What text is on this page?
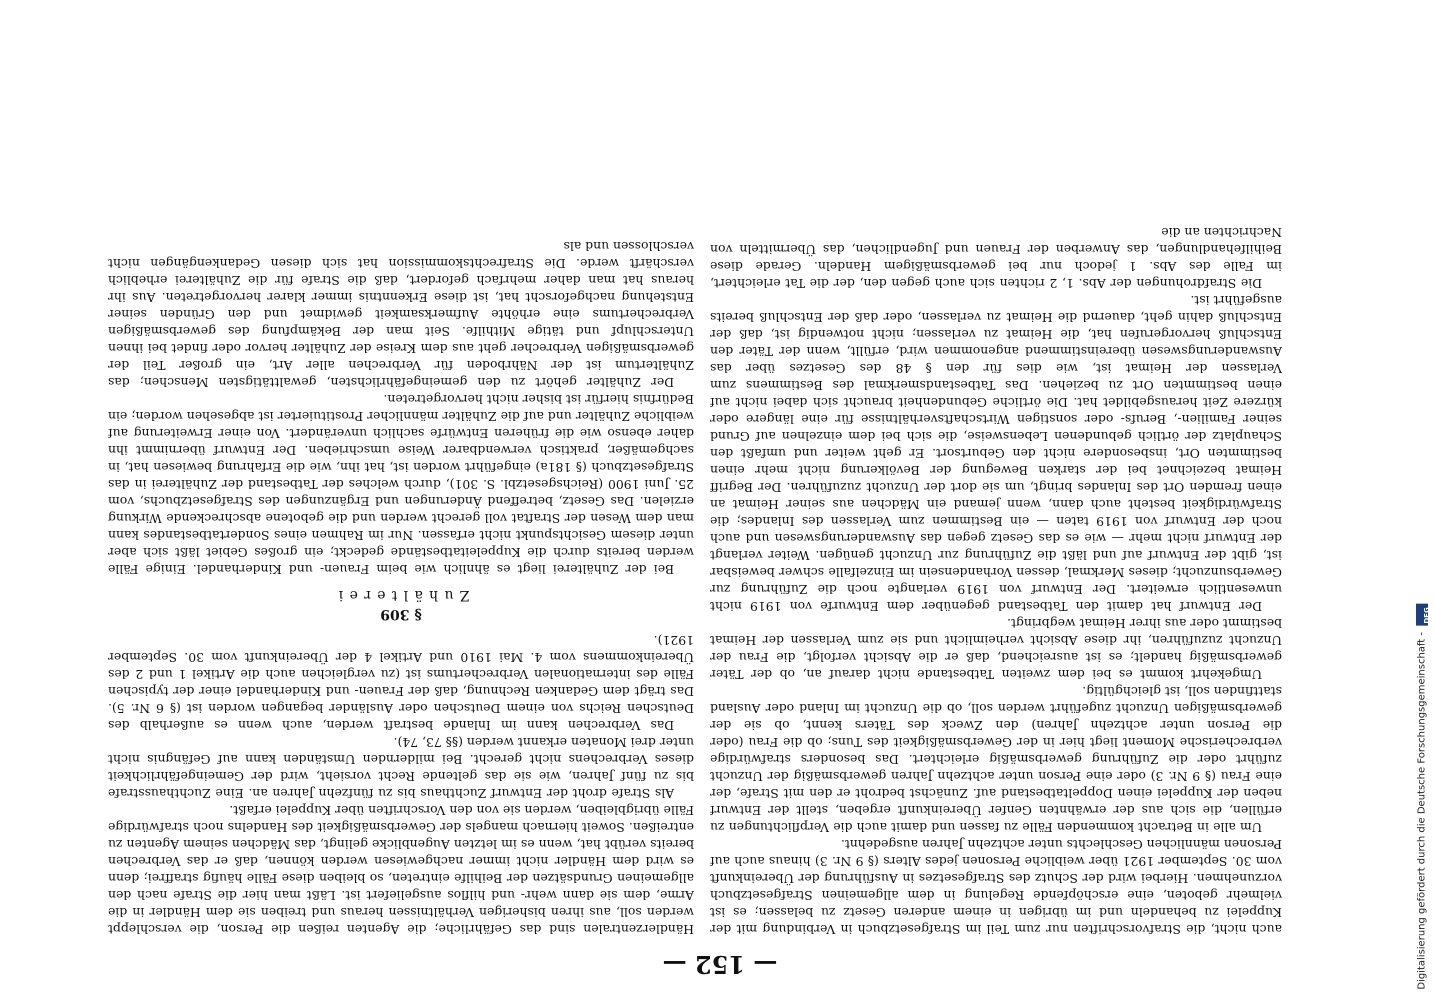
— 152 —

auch nicht, die Strafvorschriften nur zum Teil im Strafgesetzbuch in Verbindung mit der Kuppelei zu behandeln und im übrigen in einem anderen Gesetz zu belassen; es ist vielmehr geboten, eine erschöpfende Regelung in dem allgemeinen Strafgesetzbuch vorzunehmen. Hierbei wird der Schutz des Strafgesetzes in Ausführung der Übereinkunft vom 30. September 1921 über weibliche Personen jedes Alters (§ 9 Nr. 3) hinaus auch auf Personen männlichen Geschlechts unter achtzehn Jahren ausgedehnt.

Um alle in Betracht kommenden Fälle zu fassen und damit auch die Verpflichtungen zu erfüllen, die sich aus der erwähnten Genfer Übereinkunft ergeben, stellt der Entwurf neben der Kuppelei einen Doppeltatbestand auf. Zunächst bedroht er den mit Strafe, der eine Frau (§ 9 Nr. 3) oder eine Person unter achtzehn Jahren gewerbsmäßig der Unzucht zuführt oder die Zuführung gewerbsmäßig erleichtert. Das besonders strafwürdige verbrecherische Moment liegt hier in der Gewerbsmäßigkeit des Tuns; ob die Frau (oder die Person unter achtzehn Jahren) den Zweck des Täters kennt, ob sie der gewerbsmäßigen Unzucht zugeführt werden soll, ob die Unzucht im Inland oder Ausland stattfinden soll, ist gleichgültig.

Umgekehrt kommt es bei dem zweiten Tatbestande nicht darauf an, ob der Täter gewerbsmäßig handelt; es ist ausreichend, daß er die Absicht verfolgt, die Frau der Unzucht zuzuführen, ihr diese Absicht verheimlicht und sie zum Verlassen der Heimat bestimmt oder aus ihrer Heimat wegbringt.

Der Entwurf hat damit den Tatbestand gegenüber dem Entwurfe von 1919 nicht unwesentlich erweitert. Der Entwurf von 1919 verlangte noch die Zuführung zur Gewerbsunzucht; dieses Merkmal, dessen Vorhandensein im Einzelfalle schwer beweisbar ist, gibt der Entwurf auf und läßt die Zuführung zur Unzucht genügen. Weiter verlangt der Entwurf nicht mehr — wie es das Gesetz gegen das Auswanderungswesen und auch noch der Entwurf von 1919 taten — ein Bestimmen zum Verlassen des Inlandes; die Strafwürdigkeit besteht auch dann, wenn jemand ein Mädchen aus seiner Heimat an einen fremden Ort des Inlandes bringt, um sie dort der Unzucht zuzuführen. Der Begriff Heimat bezeichnet bei der starken Bewegung der Bevölkerung nicht mehr einen bestimmten Ort, insbesondere nicht den Geburtsort. Er geht weiter und umfaßt den Schauplatz der örtlich gebundenen Lebensweise, die sich bei dem einzelnen auf Grund seiner Familien-, Berufs- oder sonstigen Wirtschaftsverhältnisse für eine längere oder kürzere Zeit herausgebildet hat. Die örtliche Gebundenheit braucht sich dabei nicht auf einen bestimmten Ort zu beziehen. Das Tatbestandsmerkmal des Bestimmens zum Verlassen der Heimat ist, wie dies für den § 48 des Gesetzes über das Auswanderungswesen übereinstimmend angenommen wird, erfüllt, wenn der Täter den Entschluß hervorgerufen hat, die Heimat zu verlassen; nicht notwendig ist, daß der Entschluß dahin geht, dauernd die Heimat zu verlassen, oder daß der Entschluß bereits ausgeführt ist.

Die Strafdrohungen der Abs. 1, 2 richten sich auch gegen den, der die Tat erleichtert, im Falle des Abs. 1 jedoch nur bei gewerbsmäßigem Handeln. Gerade diese Beihilfehandlungen, das Anwerben der Frauen und Jugendlichen, das Übermitteln von Nachrichten an die

Händlerzentralen sind das Gefährliche; die Agenten reißen die Person, die verschleppt werden soll, aus ihren bisherigen Verhältnissen heraus und treiben sie dem Händler in die Arme, dem sie dann wehr- und hilflos ausgeliefert ist. Läßt man hier die Strafe nach den allgemeinen Grundsätzen der Beihilfe eintreten, so bleiben diese Fälle häufig straffrei; denn es wird dem Händler nicht immer nachgewiesen werden können, daß er das Verbrechen bereits verübt hat, wenn es im letzten Augenblicke gelingt, das Mädchen seinem Agenten zu entreißen. Soweit hiernach mangels der Gewerbsmäßigkeit des Handelns noch strafwürdige Fälle übrigbleiben, werden sie von den Vorschriften über Kuppelei erfaßt.

Als Strafe droht der Entwurf Zuchthaus bis zu fünfzehn Jahren an. Eine Zuchthausstrafe bis zu fünf Jahren, wie sie das geltende Recht vorsieht, wird der Gemeingefährlichkeit dieses Verbrechens nicht gerecht. Bei mildernden Umständen kann auf Gefängnis nicht unter drei Monaten erkannt werden (§§ 73, 74).

Das Verbrechen kann im Inlande bestraft werden, auch wenn es außerhalb des Deutschen Reichs von einem Deutschen oder Ausländer begangen worden ist (§ 6 Nr. 5). Das trägt dem Gedanken Rechnung, daß der Frauen- und Kinderhandel einer der typischen Fälle des internationalen Verbrechertums ist (zu vergleichen auch die Artikel 1 und 2 des Übereinkommens vom 4. Mai 1910 und Artikel 4 der Übereinkunft vom 30. September 1921).

§ 309
Zuhälterei

Bei der Zuhälterei liegt es ähnlich wie beim Frauen- und Kinderhandel. Einige Fälle werden bereits durch die Kuppeleitatbestände gedeckt; ein großes Gebiet läßt sich aber unter diesem Gesichtspunkt nicht erfassen. Nur im Rahmen eines Sondertatbestandes kann man dem Wesen der Straftat voll gerecht werden und die gebotene abschreckende Wirkung erzielen. Das Gesetz, betreffend Änderungen und Ergänzungen des Strafgesetzbuchs, vom 25. Juni 1900 (Reichsgesetzbl. S. 301), durch welches der Tatbestand der Zuhälterei in das Strafgesetzbuch (§ 181a) eingeführt worden ist, hat ihn, wie die Erfahrung bewiesen hat, in sachgemäßer, praktisch verwendbarer Weise umschrieben. Der Entwurf übernimmt ihn daher ebenso wie die früheren Entwürfe sachlich unverändert. Von einer Erweiterung auf weibliche Zuhälter und auf die Zuhälter männlicher Prostituierter ist abgesehen worden; ein Bedürfnis hierfür ist bisher nicht hervorgetreten.

Der Zuhälter gehört zu den gemeingefährlichsten, gewalttätigsten Menschen; das Zuhältertum ist der Nährboden für Verbrechen aller Art, ein großer Teil der gewerbsmäßigen Verbrecher geht aus dem Kreise der Zuhälter hervor oder findet bei ihnen Unterschlupf und tätige Mithilfe. Seit man der Bekämpfung des gewerbsmäßigen Verbrechertums eine erhöhte Aufmerksamkeit gewidmet und den Gründen seiner Entstehung nachgeforscht hat, ist diese Erkenntnis immer klarer hervorgetreten. Aus ihr heraus hat man daher mehrfach gefordert, daß die Strafe für die Zuhälterei erheblich verschärft werde. Die Strafrechtskommission hat sich diesen Gedankengängen nicht verschlossen und als

Digitalisierung gefördert durch die Deutsche Forschungsgemeinschaft -
DFG
